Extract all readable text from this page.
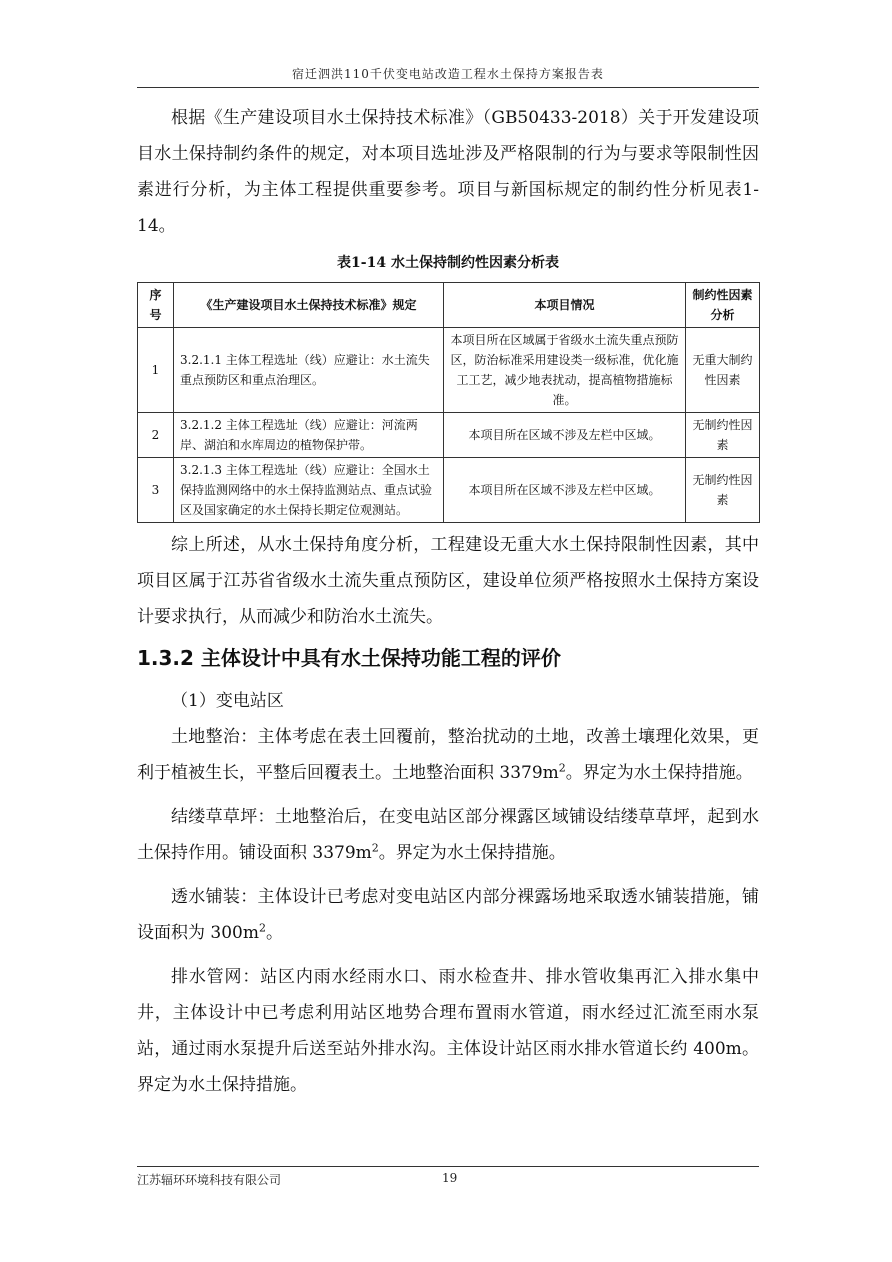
宿迁泗洪110千伏变电站改造工程水土保持方案报告表

根据《生产建设项目水土保持技术标准》（GB50433-2018）关于开发建设项目水土保持制约条件的规定，对本项目选址涉及严格限制的行为与要求等限制性因素进行分析，为主体工程提供重要参考。项目与新国标规定的制约性分析见表1-14。

表1-14 水土保持制约性因素分析表
序号	《生产建设项目水土保持技术标准》规定	本项目情况	制约性因素分析
1	3.2.1.1 主体工程选址（线）应避让：水土流失重点预防区和重点治理区。	本项目所在区域属于省级水土流失重点预防区，防治标准采用建设类一级标准，优化施工工艺，减少地表扰动，提高植物措施标准。	无重大制约性因素
2	3.2.1.2 主体工程选址（线）应避让：河流两岸、湖泊和水库周边的植物保护带。	本项目所在区域不涉及左栏中区域。	无制约性因素
3	3.2.1.3 主体工程选址（线）应避让：全国水土保持监测网络中的水土保持监测站点、重点试验区及国家确定的水土保持长期定位观测站。	本项目所在区域不涉及左栏中区域。	无制约性因素

综上所述，从水土保持角度分析，工程建设无重大水土保持限制性因素，其中项目区属于江苏省省级水土流失重点预防区，建设单位须严格按照水土保持方案设计要求执行，从而减少和防治水土流失。

1.3.2 主体设计中具有水土保持功能工程的评价

（1）变电站区

土地整治：主体考虑在表土回覆前，整治扰动的土地，改善土壤理化效果，更利于植被生长，平整后回覆表土。土地整治面积 $3379m^2$。界定为水土保持措施。

结缕草草坪：土地整治后，在变电站区部分裸露区域铺设结缕草草坪，起到水土保持作用。铺设面积 $3379m^2$。界定为水土保持措施。

透水铺装：主体设计已考虑对变电站区内部分裸露场地采取透水铺装措施，铺设面积为 $300m^2$。

排水管网：站区内雨水经雨水口、雨水检查井、排水管收集再汇入排水集中井，主体设计中已考虑利用站区地势合理布置雨水管道，雨水经过汇流至雨水泵站，通过雨水泵提升后送至站外排水沟。主体设计站区雨水排水管道长约 400m。界定为水土保持措施。

江苏辐环环境科技有限公司	19
